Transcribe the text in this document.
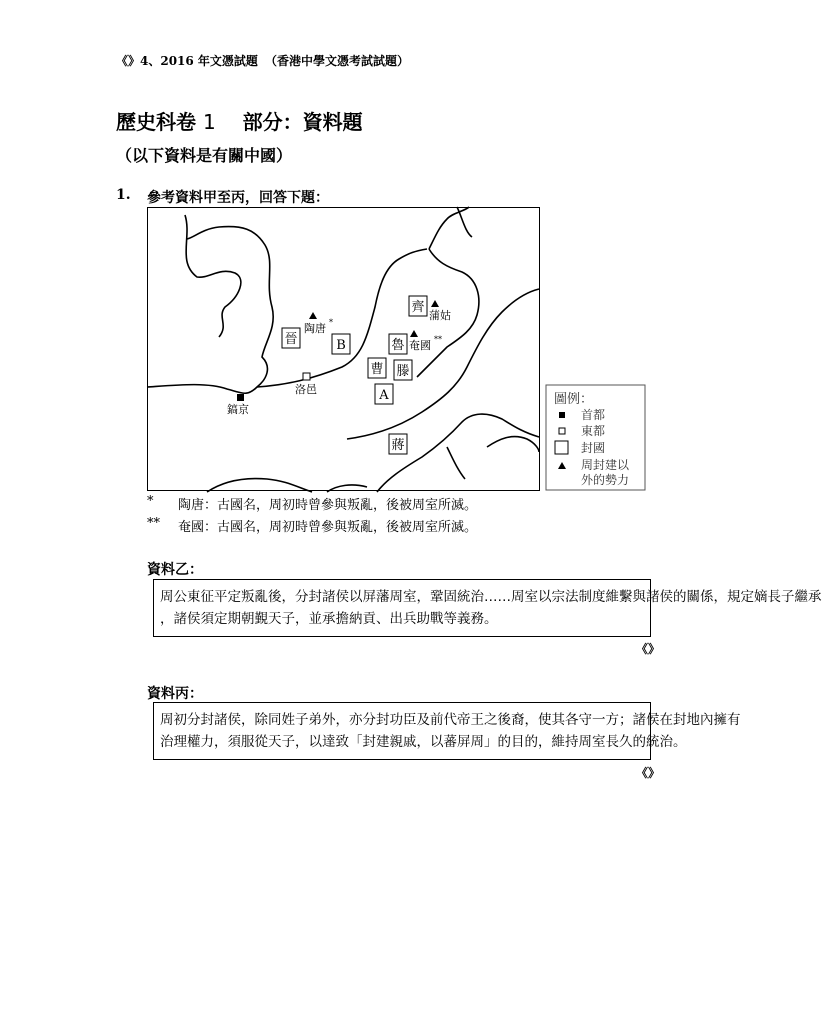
《》4、2016 年文憑試題 （香港中學文憑考試試題）
歷史科卷 1 　部分：資料題
（以下資料是有關中國）
1. 參考資料甲至丙，回答下題：
晉
陶唐 *
B
洛邑
鎬京
齊
蒲姑
魯 奄國 **
曹 滕
A
蔣
圖例：
首都
東都
封國
周封建以
外的勢力
* 陶唐：古國名，周初時曾參與叛亂，後被周室所滅。
** 奄國：古國名，周初時曾參與叛亂，後被周室所滅。
資料乙：
周公東征平定叛亂後，分封諸侯以屏藩周室，鞏固統治……周室以宗法制度維繫與諸侯的關係，規定嫡長子繼承
，諸侯須定期朝覲天子，並承擔納貢、出兵助戰等義務。
《》
資料丙：
周初分封諸侯，除同姓子弟外，亦分封功臣及前代帝王之後裔，使其各守一方；諸侯在封地內擁有
治理權力，須服從天子，以達致「封建親戚，以蕃屏周」的目的，維持周室長久的統治。
《》
